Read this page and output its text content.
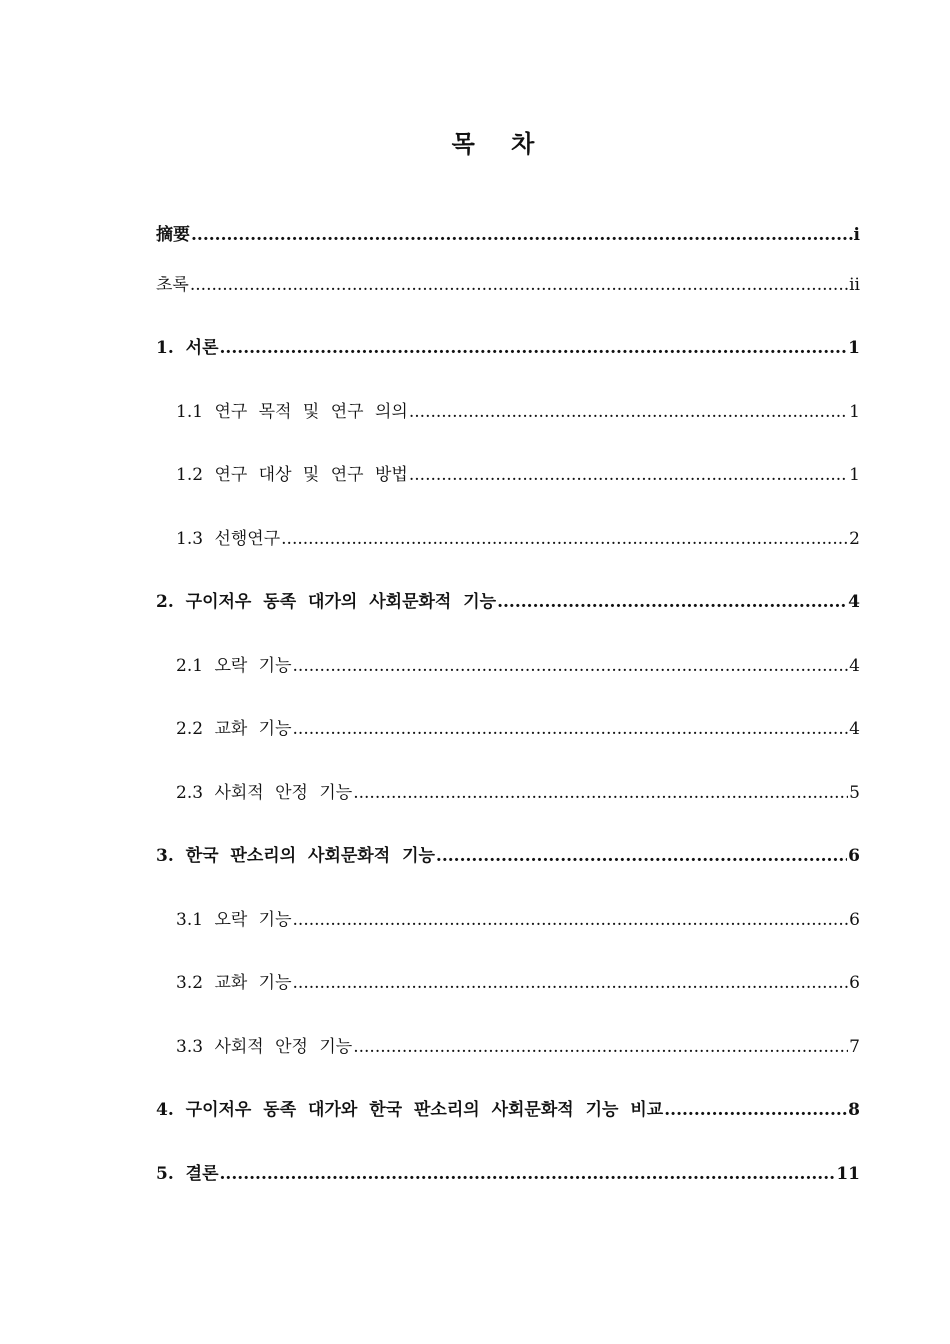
목 차
摘要 .....	i
초록 .....	ii
1. 서론 .....	1
1.1 연구 목적 및 연구 의의 .....	1
1.2 연구 대상 및 연구 방법 .....	1
1.3 선행연구 .....	2
2. 구이저우 동족 대가의 사회문화적 기능 .....	4
2.1 오락 기능 .....	4
2.2 교화 기능 .....	4
2.3 사회적 안정 기능 .....	5
3. 한국 판소리의 사회문화적 기능 .....	6
3.1 오락 기능 .....	6
3.2 교화 기능 .....	6
3.3 사회적 안정 기능 .....	7
4. 구이저우 동족 대가와 한국 판소리의 사회문화적 기능 비교 .....	8
5. 결론 .....	11
